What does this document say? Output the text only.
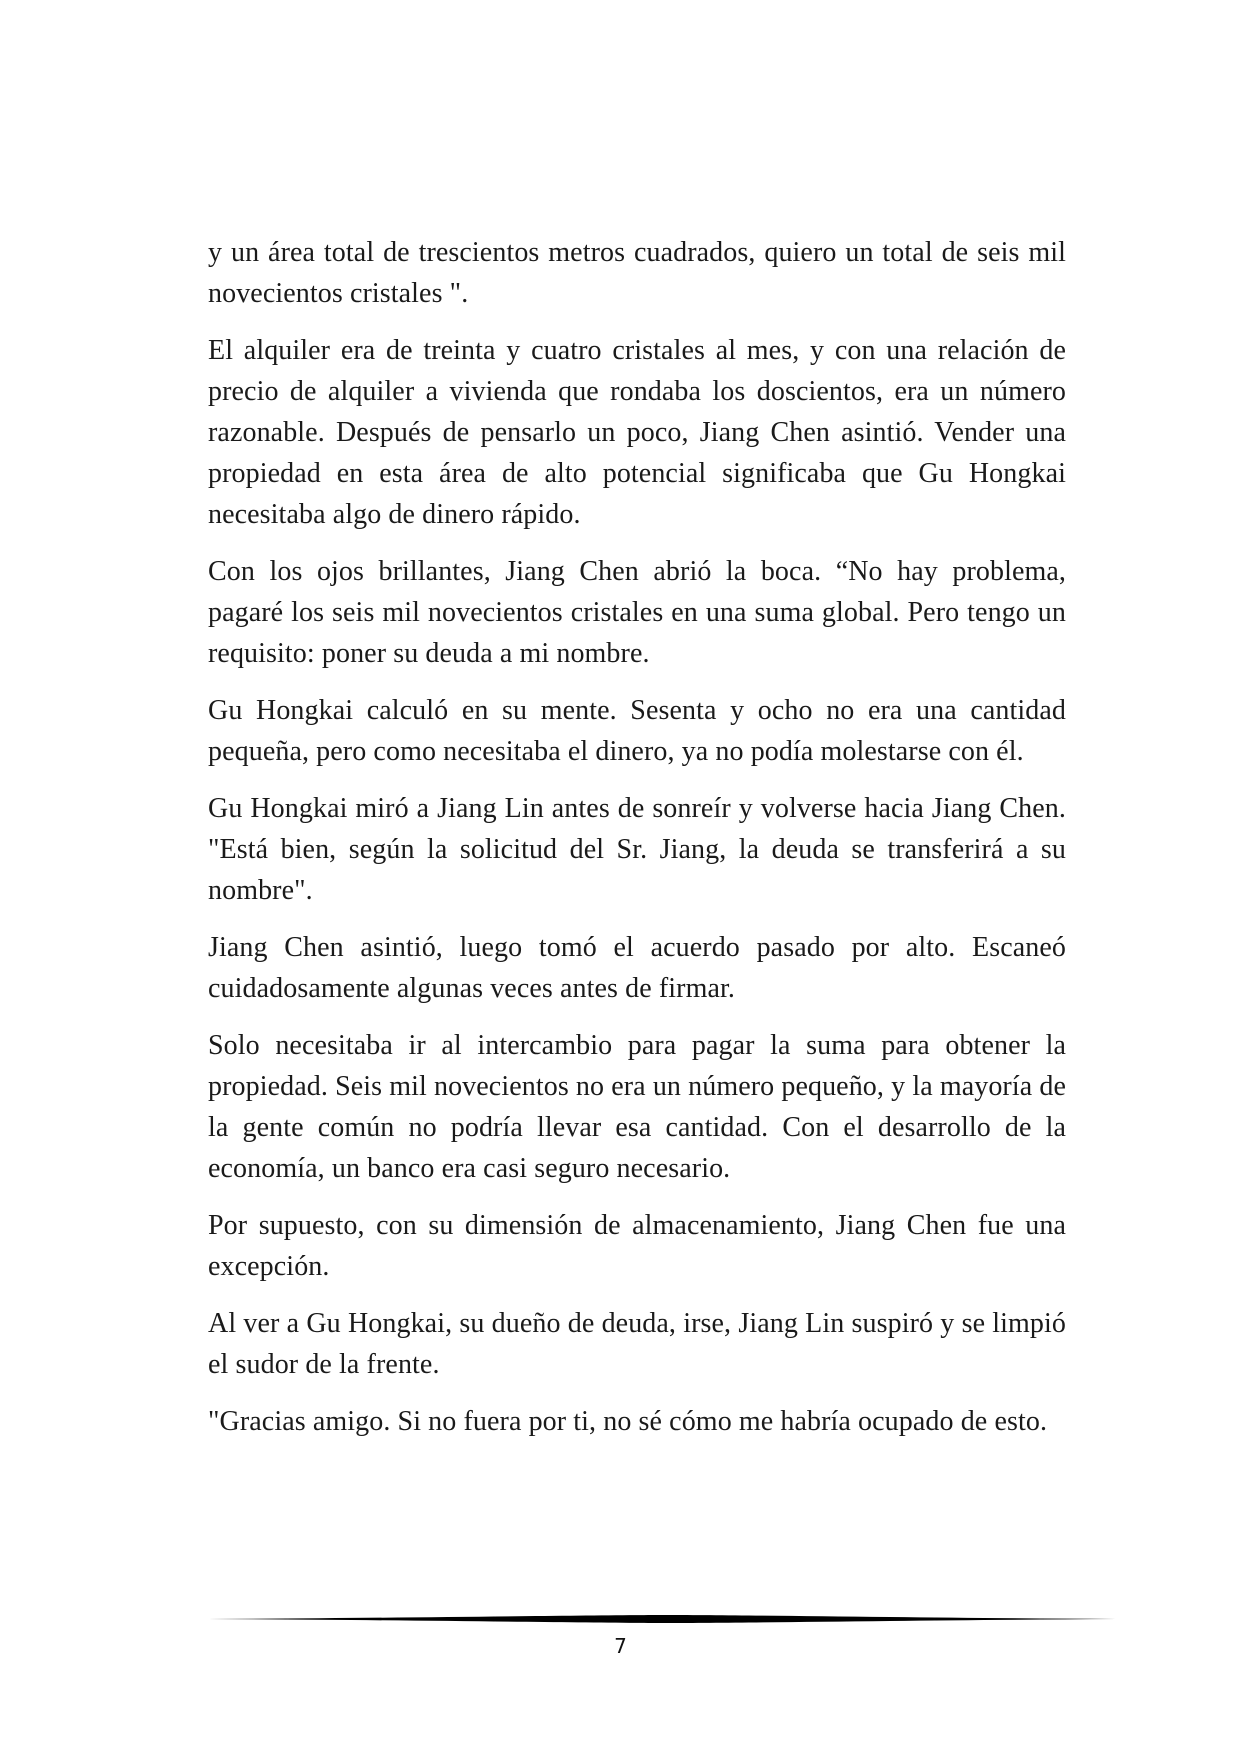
y un área total de trescientos metros cuadrados, quiero un total de seis mil novecientos cristales ".

El alquiler era de treinta y cuatro cristales al mes, y con una relación de precio de alquiler a vivienda que rondaba los doscientos, era un número razonable. Después de pensarlo un poco, Jiang Chen asintió. Vender una propiedad en esta área de alto potencial significaba que Gu Hongkai necesitaba algo de dinero rápido.

Con los ojos brillantes, Jiang Chen abrió la boca. “No hay problema, pagaré los seis mil novecientos cristales en una suma global. Pero tengo un requisito: poner su deuda a mi nombre.

Gu Hongkai calculó en su mente. Sesenta y ocho no era una cantidad pequeña, pero como necesitaba el dinero, ya no podía molestarse con él.

Gu Hongkai miró a Jiang Lin antes de sonreír y volverse hacia Jiang Chen. "Está bien, según la solicitud del Sr. Jiang, la deuda se transferirá a su nombre".

Jiang Chen asintió, luego tomó el acuerdo pasado por alto. Escaneó cuidadosamente algunas veces antes de firmar.

Solo necesitaba ir al intercambio para pagar la suma para obtener la propiedad. Seis mil novecientos no era un número pequeño, y la mayoría de la gente común no podría llevar esa cantidad. Con el desarrollo de la economía, un banco era casi seguro necesario.

Por supuesto, con su dimensión de almacenamiento, Jiang Chen fue una excepción.

Al ver a Gu Hongkai, su dueño de deuda, irse, Jiang Lin suspiró y se limpió el sudor de la frente.

"Gracias amigo. Si no fuera por ti, no sé cómo me habría ocupado de esto.

7
